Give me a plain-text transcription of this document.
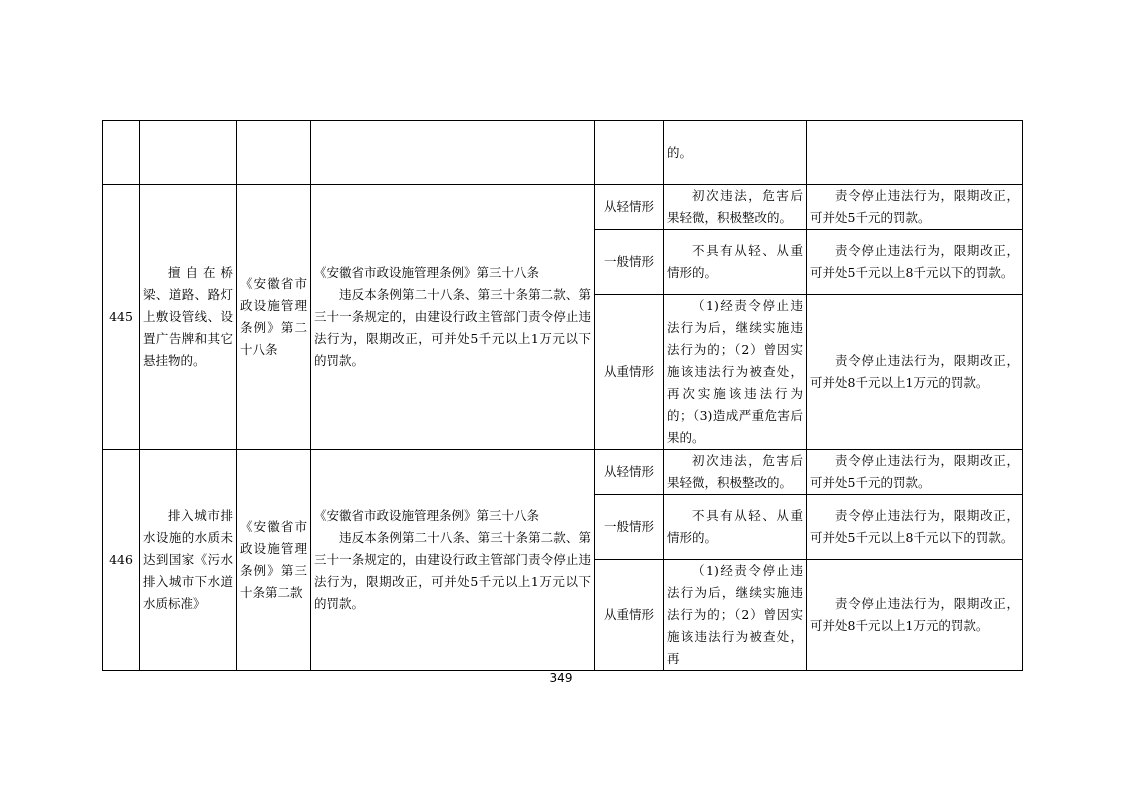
					的。	
445	擅自在桥梁、道路、路灯上敷设管线、设置广告牌和其它悬挂物的。	《安徽省市政设施管理条例》第二十八条	《安徽省市政设施管理条例》第三十八条
违反本条例第二十八条、第三十条第二款、第三十一条规定的，由建设行政主管部门责令停止违法行为，限期改正，可并处5千元以上1万元以下的罚款。	从轻情形	初次违法，危害后果轻微，积极整改的。	责令停止违法行为，限期改正，可并处5千元的罚款。
				一般情形	不具有从轻、从重情形的。	责令停止违法行为，限期改正，可并处5千元以上8千元以下的罚款。
				从重情形	（1)经责令停止违法行为后，继续实施违法行为的；（2）曾因实施该违法行为被查处，再次实施该违法行为的；（3)造成严重危害后果的。	责令停止违法行为，限期改正，可并处8千元以上1万元的罚款。
446	排入城市排水设施的水质未达到国家《污水排入城市下水道水质标准》	《安徽省市政设施管理条例》第三十条第二款	《安徽省市政设施管理条例》第三十八条
违反本条例第二十八条、第三十条第二款、第三十一条规定的，由建设行政主管部门责令停止违法行为，限期改正，可并处5千元以上1万元以下的罚款。	从轻情形	初次违法，危害后果轻微，积极整改的。	责令停止违法行为，限期改正，可并处5千元的罚款。
				一般情形	不具有从轻、从重情形的。	责令停止违法行为，限期改正，可并处5千元以上8千元以下的罚款。
				从重情形	（1)经责令停止违法行为后，继续实施违法行为的；（2）曾因实施该违法行为被查处，再	责令停止违法行为，限期改正，可并处8千元以上1万元的罚款。
349
